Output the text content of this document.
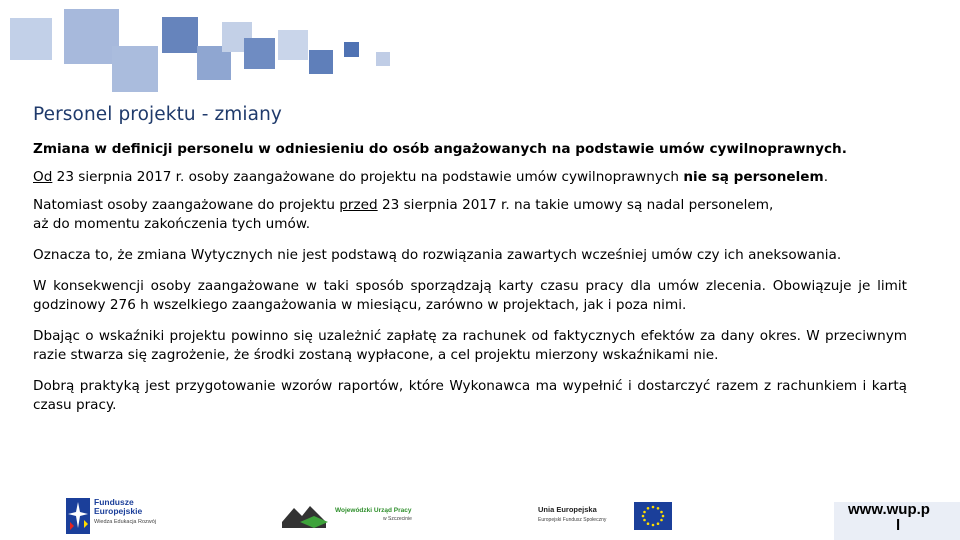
Personel projektu - zmiany

Zmiana w definicji personelu w odniesieniu do osób angażowanych na podstawie umów cywilnoprawnych.

Od 23 sierpnia 2017 r. osoby zaangażowane do projektu na podstawie umów cywilnoprawnych nie są personelem.

Natomiast osoby zaangażowane do projektu przed 23 sierpnia 2017 r. na takie umowy są nadal personelem,
aż do momentu zakończenia tych umów.

Oznacza to, że zmiana Wytycznych nie jest podstawą do rozwiązania zawartych wcześniej umów czy ich aneksowania.

W konsekwencji osoby zaangażowane w taki sposób sporządzają karty czasu pracy dla umów zlecenia. Obowiązuje je limit godzinowy 276 h wszelkiego zaangażowania w miesiącu, zarówno w projektach, jak i poza nimi.

Dbając o wskaźniki projektu powinno się uzależnić zapłatę za rachunek od faktycznych efektów za dany okres. W przeciwnym razie stwarza się zagrożenie, że środki zostaną wypłacone, a cel projektu mierzony wskaźnikami nie.

Dobrą praktyką jest przygotowanie wzorów raportów, które Wykonawca ma wypełnić i dostarczyć razem z rachunkiem i kartą czasu pracy.

Fundusze
Europejskie
Wiedza Edukacja Rozwój
Wojewódzki Urząd Pracy
w Szczecinie
Unia Europejska
Europejski Fundusz Społeczny
www.wup.p
l
